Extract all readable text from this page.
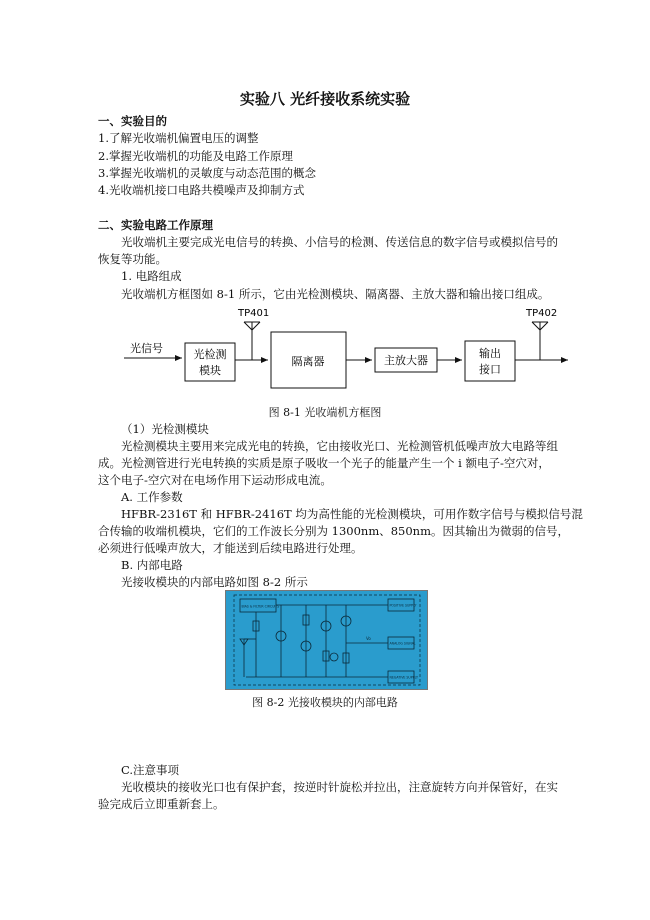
实验八 光纤接收系统实验
一、实验目的
1.了解光收端机偏置电压的调整
2.掌握光收端机的功能及电路工作原理
3.掌握光收端机的灵敏度与动态范围的概念
4.光收端机接口电路共模噪声及抑制方式
二、实验电路工作原理
光收端机主要完成光电信号的转换、小信号的检测、传送信息的数字信号或模拟信号的
恢复等功能。
1. 电路组成
光收端机方框图如 8-1 所示，它由光检测模块、隔离器、主放大器和输出接口组成。
光信号	光检测
模块
TP401
隔离器	主放大器
输出
接口
TP402
图 8-1 光收端机方框图
（1）光检测模块
光检测模块主要用来完成光电的转换，它由接收光口、光检测管机低噪声放大电路等组
成。光检测管进行光电转换的实质是原子吸收一个光子的能量产生一个 i 额电子-空穴对，
这个电子-空穴对在电场作用下运动形成电流。
A. 工作参数
HFBR-2316T 和 HFBR-2416T 均为高性能的光检测模块，可用作数字信号与模拟信号混
合传输的收端机模块，它们的工作波长分别为 1300nm、850nm。因其输出为微弱的信号，
必须进行低噪声放大，才能送到后续电路进行处理。
B. 内部电路
光接收模块的内部电路如图 8-2 所示
BIAS & FILTER CIRCUITS	POSITIVE SUPPLY
ANALOG SIGNAL
NEGATIVE SUPPLY
Vo
图 8-2 光接收模块的内部电路
C.注意事项
光收模块的接收光口也有保护套，按逆时针旋松并拉出，注意旋转方向并保管好，在实
验完成后立即重新套上。
